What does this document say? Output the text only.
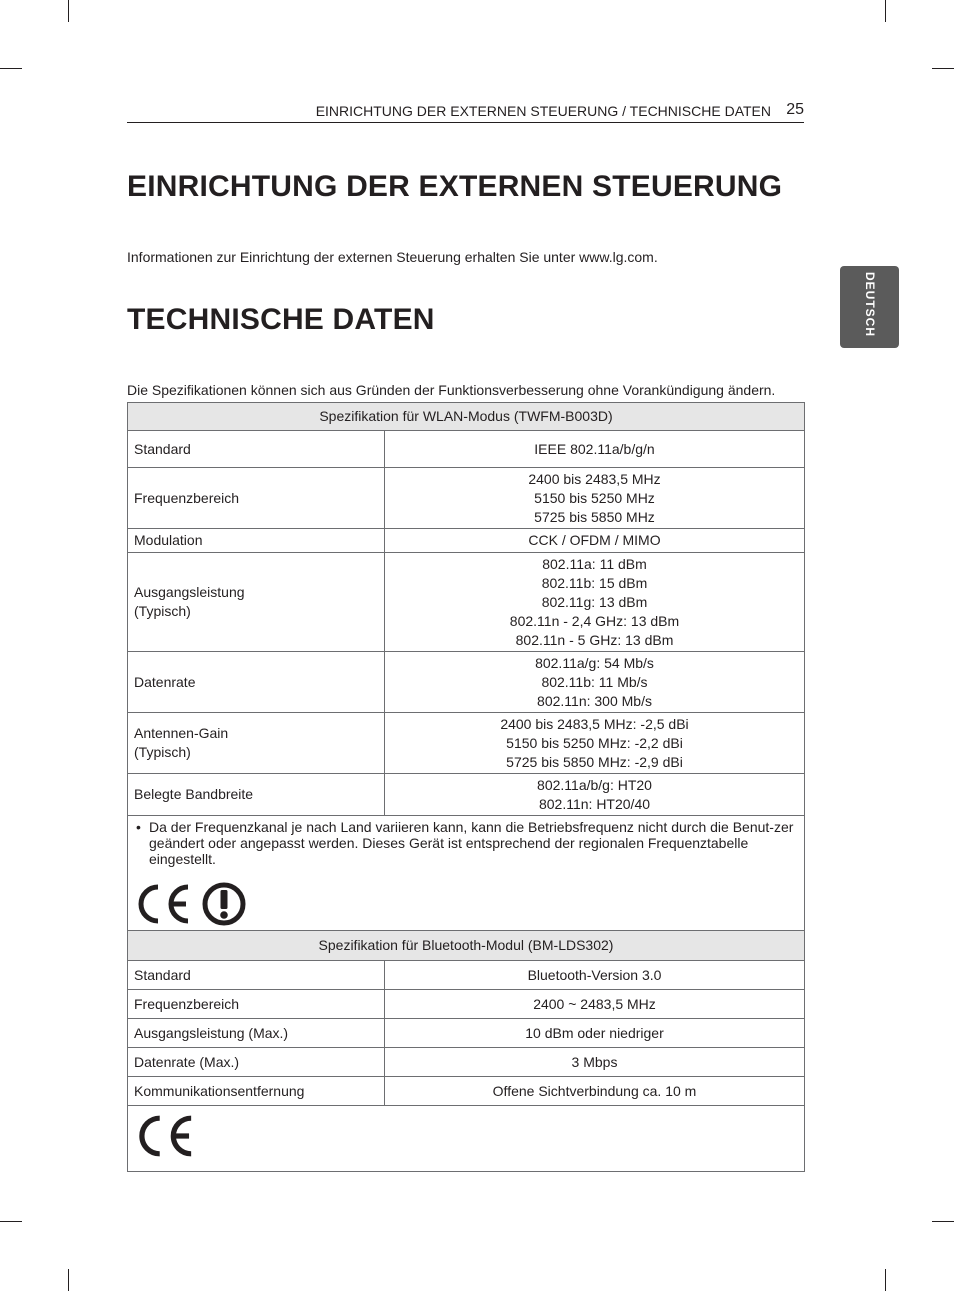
EINRICHTUNG DER EXTERNEN STEUERUNG / TECHNISCHE DATEN 25
DEUTSCH
EINRICHTUNG DER EXTERNEN STEUERUNG

Informationen zur Einrichtung der externen Steuerung erhalten Sie unter www.lg.com.

TECHNISCHE DATEN

Die Spezifikationen können sich aus Gründen der Funktionsverbesserung ohne Vorankündigung ändern.

Spezifikation für WLAN-Modus (TWFM-B003D)	
Standard	IEEE 802.11a/b/g/n
Frequenzbereich	2400 bis 2483,5 MHz
5150 bis 5250 MHz
5725 bis 5850 MHz
Modulation	CCK / OFDM / MIMO
Ausgangsleistung
(Typisch)	802.11a: 11 dBm
802.11b: 15 dBm
802.11g: 13 dBm
802.11n - 2,4 GHz: 13 dBm
802.11n - 5 GHz: 13 dBm
Datenrate	802.11a/g: 54 Mb/s
802.11b: 11 Mb/s
802.11n: 300 Mb/s
Antennen-Gain
(Typisch)	2400 bis 2483,5 MHz: -2,5 dBi
5150 bis 5250 MHz: -2,2 dBi
5725 bis 5850 MHz: -2,9 dBi
Belegte Bandbreite	802.11a/b/g: HT20
802.11n: HT20/40

• Da der Frequenzkanal je nach Land variieren kann, kann die Betriebsfrequenz nicht durch die Benut-zer geändert oder angepasst werden. Dieses Gerät ist entsprechend der regionalen Frequenztabelle eingestellt.	
Spezifikation für Bluetooth-Modul (BM-LDS302)	
Standard	Bluetooth-Version 3.0
Frequenzbereich	2400 ~ 2483,5 MHz
Ausgangsleistung (Max.)	10 dBm oder niedriger
Datenrate (Max.)	3 Mbps
Kommunikationsentfernung	Offene Sichtverbindung ca. 10 m
